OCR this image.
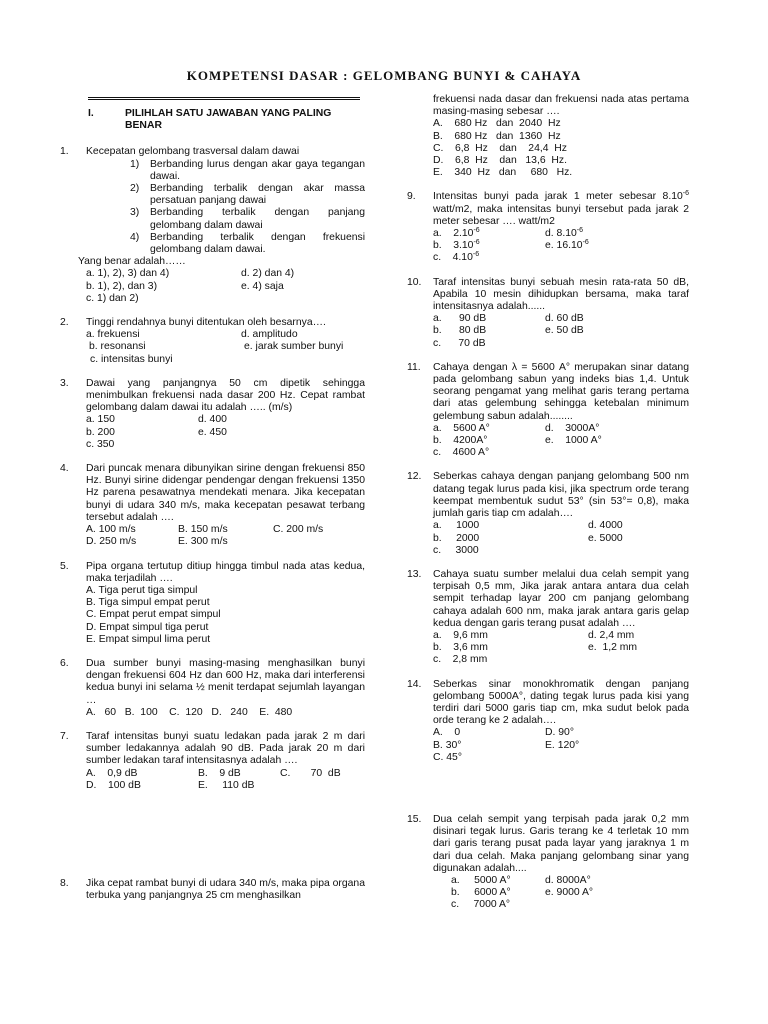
KOMPETENSI DASAR : GELOMBANG BUNYI & CAHAYA
I.	PILIHLAH SATU JAWABAN YANG PALING BENAR
1.	Kecepatan gelombang trasversal dalam dawai
1)	Berbanding lurus dengan akar gaya tegangan dawai.
2)	Berbanding terbalik dengan akar massa persatuan panjang dawai
3)	Berbanding terbalik dengan panjang gelombang dalam dawai
4)	Berbanding terbalik dengan frekuensi gelombang dalam dawai.
Yang benar adalah……
a. 1), 2), 3) dan 4)	d. 2) dan 4)
b. 1), 2), dan 3)	e. 4) saja
c. 1) dan 2)
2.	Tinggi rendahnya bunyi ditentukan oleh besarnya….
a. frekuensi	d. amplitudo
b. resonansi	e. jarak sumber bunyi
c. intensitas bunyi
3.	Dawai yang panjangnya 50 cm dipetik sehingga menimbulkan frekuensi nada dasar 200 Hz. Cepat rambat gelombang dalam dawai itu adalah ….. (m/s)
a. 150	d. 400
b. 200	e. 450
c. 350
4.	Dari puncak menara dibunyikan sirine dengan frekuensi 850 Hz. Bunyi sirine didengar pendengar dengan frekuensi 1350 Hz parena pesawatnya mendekati menara. Jika kecepatan bunyi di udara 340 m/s, maka kecepatan pesawat terbang tersebut adalah ….
A. 100 m/s	B. 150 m/s	C. 200 m/s
D. 250 m/s	E. 300 m/s
5.	Pipa organa tertutup ditiup hingga timbul nada atas kedua, maka terjadilah ….
A. Tiga perut tiga simpul
B. Tiga simpul empat perut
C. Empat perut empat simpul
D. Empat simpul tiga perut
E. Empat simpul lima perut
6.	Dua sumber bunyi masing-masing menghasilkan bunyi dengan frekuensi 604 Hz dan 600 Hz, maka dari interferensi kedua bunyi ini selama ½ menit terdapat sejumlah layangan …
A.   60   B.  100    C.  120   D.   240    E.  480
7.	Taraf intensitas bunyi suatu ledakan pada jarak 2 m dari sumber ledakannya adalah 90 dB. Pada jarak 20 m dari sumber ledakan taraf intensitasnya adalah ….
A.    0,9 dB	B.    9 dB	C.       70  dB
D.    100 dB	E.     110 dB
8.	Jika cepat rambat bunyi di udara 340 m/s, maka pipa organa terbuka yang panjangnya 25 cm menghasilkan
frekuensi nada dasar dan frekuensi nada atas pertama masing-masing sebesar ….
A.    680 Hz   dan  2040  Hz
B.    680 Hz   dan  1360  Hz
C.    6,8  Hz    dan    24,4  Hz
D.    6,8  Hz    dan   13,6  Hz.
E.    340  Hz   dan     680   Hz.
9.	Intensitas bunyi pada jarak 1 meter sebesar $8.10^{-6}$ watt/m2, maka intensitas bunyi tersebut pada jarak 2 meter sebesar …. watt/m2
a.    $2.10^{-6}$	d. $8.10^{-6}$
b.    $3.10^{-6}$	e. $16.10^{-6}$
c.    $4.10^{-6}$
10.	Taraf intensitas bunyi sebuah mesin rata-rata 50 dB, Apabila 10 mesin dihidupkan bersama, maka taraf intensitasnya adalah......
a.      90 dB	d. 60 dB
b.      80 dB	e. 50 dB
c.      70 dB
11.	Cahaya dengan λ = 5600 A° merupakan sinar datang pada gelombang sabun yang indeks bias 1,4. Untuk seorang pengamat yang melihat garis terang pertama dari atas gelembung sehingga ketebalan minimum gelembung sabun adalah........
a.    5600 A°	d.    3000A°
b.    4200A°	e.    1000 A°
c.    4600 A°
12.	Seberkas cahaya dengan panjang gelombang 500 nm datang tegak lurus pada kisi, jika spectrum orde terang keempat membentuk sudut 53° (sin 53°= 0,8), maka jumlah garis tiap cm adalah….
a.     1000	d. 4000
b.     2000	e. 5000
c.     3000
13.	Cahaya suatu sumber melalui dua celah sempit yang terpisah 0,5 mm, Jika jarak antara antara dua celah sempit terhadap layar 200 cm panjang gelombang cahaya adalah 600 nm, maka jarak antara garis gelap kedua dengan garis terang pusat adalah ….
a.    9,6 mm	d. 2,4 mm
b.    3,6 mm	e.  1,2 mm
c.    2,8 mm
14.	Seberkas sinar monokhromatik dengan panjang gelombang 5000A°, dating tegak lurus pada kisi yang terdiri dari 5000 garis tiap cm, mka sudut belok pada orde terang ke 2 adalah….
A.    0	D. 90°
B. 30°	E. 120°
C. 45°
15.	Dua celah sempit yang terpisah pada jarak 0,2 mm disinari tegak lurus. Garis terang ke 4 terletak 10 mm dari garis terang pusat pada layar yang jaraknya 1 m dari dua celah. Maka panjang gelombang sinar yang digunakan adalah....
a.     5000 A°	d. 8000A°
b.     6000 A°	e. 9000 A°
c.     7000 A°
